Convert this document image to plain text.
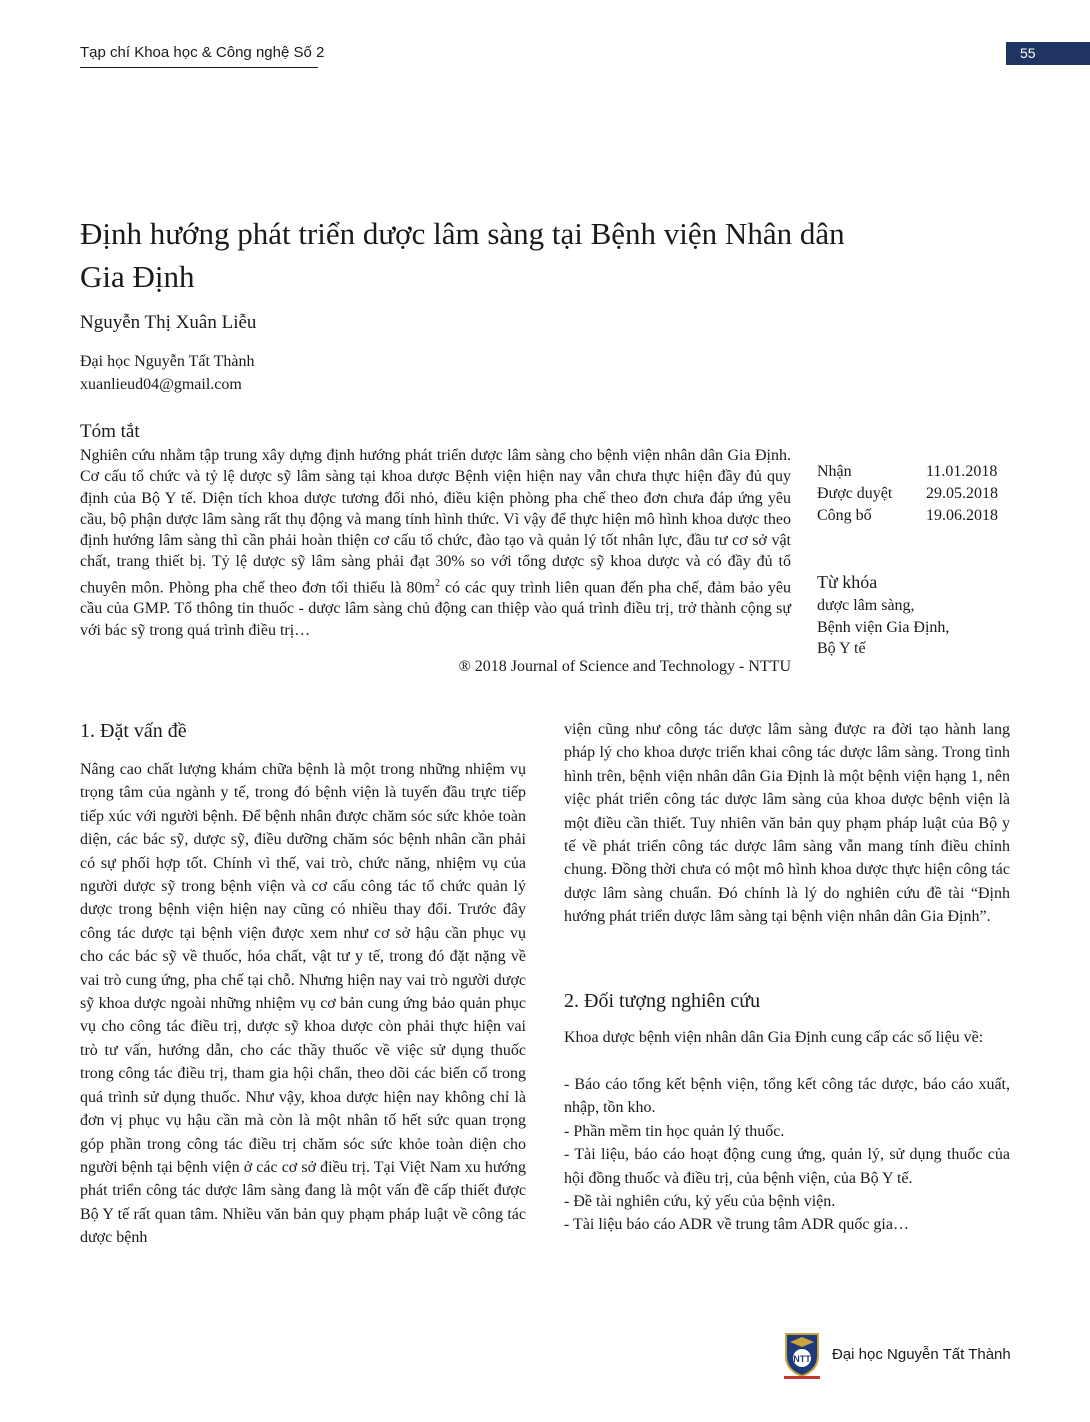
Tạp chí Khoa học & Công nghệ Số 2	55
Định hướng phát triển dược lâm sàng tại Bệnh viện Nhân dân
Gia Định
Nguyễn Thị Xuân Liễu
Đại học Nguyễn Tất Thành
xuanlieud04@gmail.com
Tóm tắt
Nghiên cứu nhằm tập trung xây dựng định hướng phát triển dược lâm sàng cho bệnh viện nhân dân Gia Định. Cơ cấu tổ chức và tỷ lệ dược sỹ lâm sàng tại khoa dược Bệnh viện hiện nay vẫn chưa thực hiện đầy đủ quy định của Bộ Y tế. Diện tích khoa dược tương đối nhỏ, điều kiện phòng pha chế theo đơn chưa đáp ứng yêu cầu, bộ phận dược lâm sàng rất thụ động và mang tính hình thức. Vì vậy để thực hiện mô hình khoa dược theo định hướng lâm sàng thì cần phải hoàn thiện cơ cấu tổ chức, đào tạo và quản lý tốt nhân lực, đầu tư cơ sở vật chất, trang thiết bị. Tỷ lệ dược sỹ lâm sàng phải đạt 30% so với tổng dược sỹ khoa dược và có đầy đủ tổ chuyên môn. Phòng pha chế theo đơn tối thiểu là $80m^2$ có các quy trình liên quan đến pha chế, đảm bảo yêu cầu của GMP. Tổ thông tin thuốc - dược lâm sàng chủ động can thiệp vào quá trình điều trị, trở thành cộng sự với bác sỹ trong quá trình điều trị…
® 2018 Journal of Science and Technology - NTTU
Nhận	11.01.2018
Được duyệt 29.05.2018
Công bố	19.06.2018
Từ khóa
dược lâm sàng,
Bệnh viện Gia Định,
Bộ Y tế
1. Đặt vấn đề
Nâng cao chất lượng khám chữa bệnh là một trong những nhiệm vụ trọng tâm của ngành y tế, trong đó bệnh viện là tuyến đầu trực tiếp tiếp xúc với người bệnh. Để bệnh nhân được chăm sóc sức khỏe toàn diện, các bác sỹ, dược sỹ, điều dưỡng chăm sóc bệnh nhân cần phải có sự phối hợp tốt. Chính vì thế, vai trò, chức năng, nhiệm vụ của người dược sỹ trong bệnh viện và cơ cấu công tác tổ chức quản lý dược trong bệnh viện hiện nay cũng có nhiều thay đổi. Trước đây công tác dược tại bệnh viện được xem như cơ sở hậu cần phục vụ cho các bác sỹ về thuốc, hóa chất, vật tư y tế, trong đó đặt nặng về vai trò cung ứng, pha chế tại chỗ. Nhưng hiện nay vai trò người dược sỹ khoa dược ngoài những nhiệm vụ cơ bản cung ứng bảo quản phục vụ cho công tác điều trị, dược sỹ khoa dược còn phải thực hiện vai trò tư vấn, hướng dẫn, cho các thầy thuốc về việc sử dụng thuốc trong công tác điều trị, tham gia hội chẩn, theo dõi các biến cố trong quá trình sử dụng thuốc. Như vậy, khoa dược hiện nay không chỉ là đơn vị phục vụ hậu cần mà còn là một nhân tố hết sức quan trọng góp phần trong công tác điều trị chăm sóc sức khỏe toàn diện cho người bệnh tại bệnh viện ở các cơ sở điều trị. Tại Việt Nam xu hướng phát triển công tác dược lâm sàng đang là một vấn đề cấp thiết được Bộ Y tế rất quan tâm. Nhiều văn bản quy phạm pháp luật về công tác dược bệnh
viện cũng như công tác dược lâm sàng được ra đời tạo hành lang pháp lý cho khoa dược triển khai công tác dược lâm sàng. Trong tình hình trên, bệnh viện nhân dân Gia Định là một bệnh viện hạng 1, nên việc phát triển công tác dược lâm sàng của khoa dược bệnh viện là một điều cần thiết. Tuy nhiên văn bản quy phạm pháp luật của Bộ y tế về phát triển công tác dược lâm sàng vẫn mang tính điều chỉnh chung. Đồng thời chưa có một mô hình khoa dược thực hiện công tác dược lâm sàng chuẩn. Đó chính là lý do nghiên cứu đề tài “Định hướng phát triển dược lâm sàng tại bệnh viện nhân dân Gia Định”.
2. Đối tượng nghiên cứu
Khoa dược bệnh viện nhân dân Gia Định cung cấp các số liệu về:
- Báo cáo tổng kết bệnh viện, tổng kết công tác dược, báo cáo xuất, nhập, tồn kho.
- Phần mềm tin học quản lý thuốc.
- Tài liệu, báo cáo hoạt động cung ứng, quản lý, sử dụng thuốc của hội đồng thuốc và điều trị, của bệnh viện, của Bộ Y tế.
- Đề tài nghiên cứu, kỷ yếu của bệnh viện.
- Tài liệu báo cáo ADR về trung tâm ADR quốc gia…
NTT Đại học Nguyễn Tất Thành
